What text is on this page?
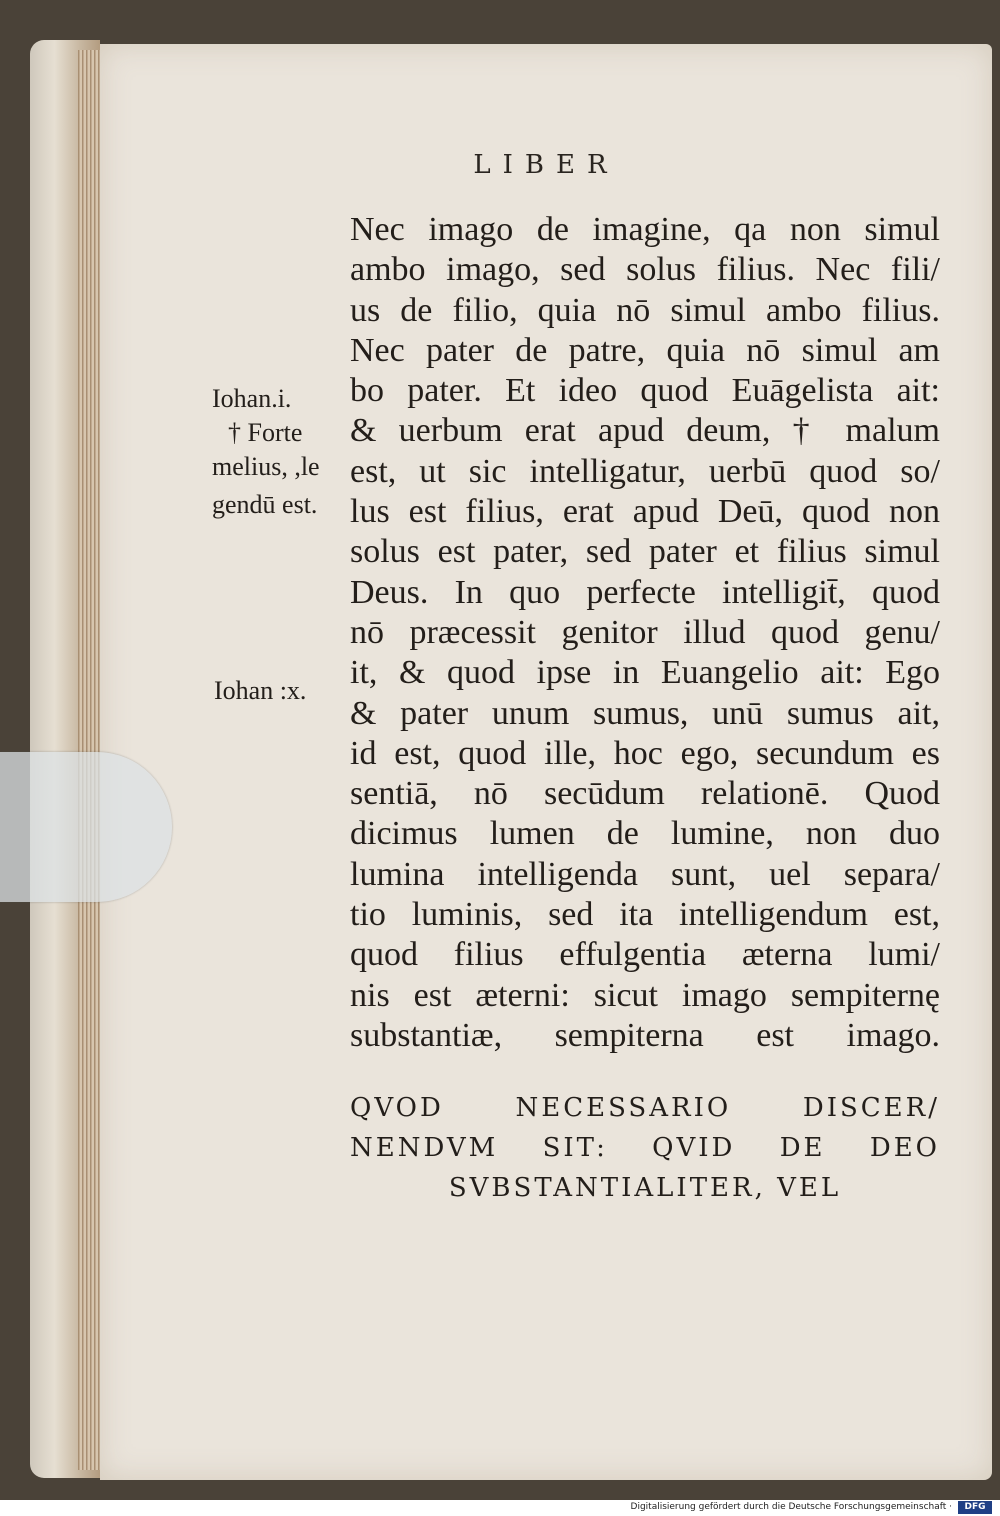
LIBER
Nec imago de imagine, qa non simul
ambo imago, sed solus filius. Nec fili/
us de filio, quia nō simul ambo filius.
Nec pater de patre, quia nō simul am
bo pater. Et ideo quod Euāgelista ait:
& uerbum erat apud deum, † malum
est, ut sic intelligatur, uerbū quod so/
lus est filius, erat apud Deū, quod non
solus est pater, sed pater et filius simul
Deus. In quo perfecte intelligit̄, quod
nō præcessit genitor illud quod genu/
it, & quod ipse in Euangelio ait: Ego
& pater unum sumus, unū sumus ait,
id est, quod ille, hoc ego, secundum es
sentiā, nō secūdum relationē. Quod
dicimus lumen de lumine, non duo
lumina intelligenda sunt, uel separa/
tio luminis, sed ita intelligendum est,
quod filius effulgentia æterna lumi/
nis est æterni: sicut imago sempiternę
substantiæ, sempiterna est imago.
Iohan.i.
† Forte
melius, ,le
gendū est.
Iohan :x.
QVOD NECESSARIO DISCER/
NENDVM SIT: QVID DE DEO
SVBSTANTIALITER, VEL
Digitalisierung gefördert durch die Deutsche Forschungsgemeinschaft ·	DFG
